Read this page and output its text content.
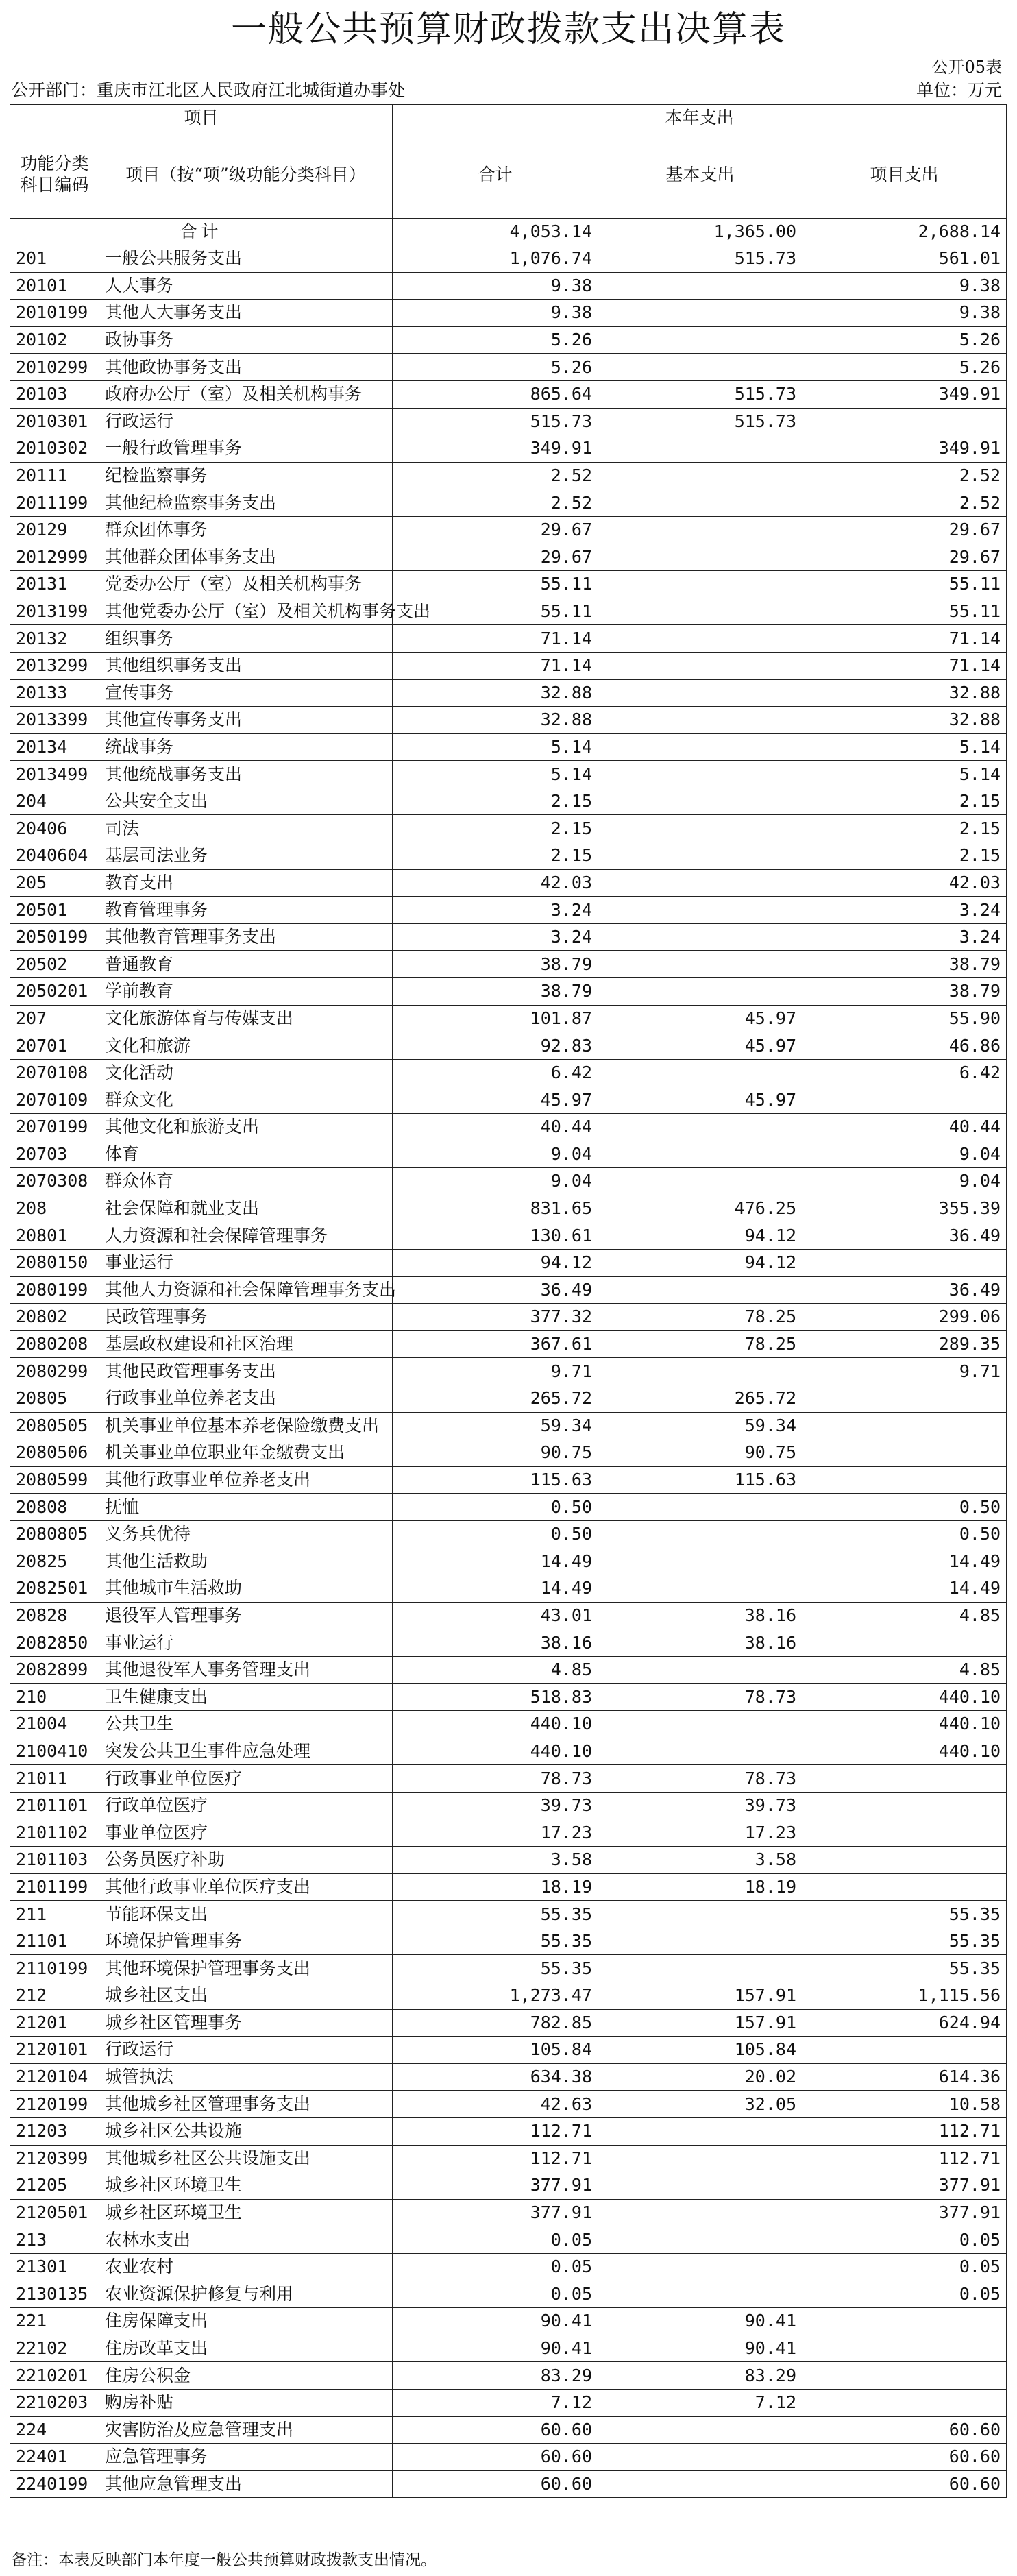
一般公共预算财政拨款支出决算表
公开05表
公开部门：重庆市江北区人民政府江北城街道办事处	单位：万元
项目		本年支出		
功能分类科目编码	项目（按“项”级功能分类科目）	合计	基本支出	项目支出
合计		4,053.14	1,365.00	2,688.14
201	一般公共服务支出	1,076.74	515.73	561.01
20101	人大事务	9.38		9.38
2010199	其他人大事务支出	9.38		9.38
20102	政协事务	5.26		5.26
2010299	其他政协事务支出	5.26		5.26
20103	政府办公厅（室）及相关机构事务	865.64	515.73	349.91
2010301	行政运行	515.73	515.73	
2010302	一般行政管理事务	349.91		349.91
20111	纪检监察事务	2.52		2.52
2011199	其他纪检监察事务支出	2.52		2.52
20129	群众团体事务	29.67		29.67
2012999	其他群众团体事务支出	29.67		29.67
20131	党委办公厅（室）及相关机构事务	55.11		55.11
2013199	其他党委办公厅（室）及相关机构事务支出	55.11		55.11
20132	组织事务	71.14		71.14
2013299	其他组织事务支出	71.14		71.14
20133	宣传事务	32.88		32.88
2013399	其他宣传事务支出	32.88		32.88
20134	统战事务	5.14		5.14
2013499	其他统战事务支出	5.14		5.14
204	公共安全支出	2.15		2.15
20406	司法	2.15		2.15
2040604	基层司法业务	2.15		2.15
205	教育支出	42.03		42.03
20501	教育管理事务	3.24		3.24
2050199	其他教育管理事务支出	3.24		3.24
20502	普通教育	38.79		38.79
2050201	学前教育	38.79		38.79
207	文化旅游体育与传媒支出	101.87	45.97	55.90
20701	文化和旅游	92.83	45.97	46.86
2070108	文化活动	6.42		6.42
2070109	群众文化	45.97	45.97	
2070199	其他文化和旅游支出	40.44		40.44
20703	体育	9.04		9.04
2070308	群众体育	9.04		9.04
208	社会保障和就业支出	831.65	476.25	355.39
20801	人力资源和社会保障管理事务	130.61	94.12	36.49
2080150	事业运行	94.12	94.12	
2080199	其他人力资源和社会保障管理事务支出	36.49		36.49
20802	民政管理事务	377.32	78.25	299.06
2080208	基层政权建设和社区治理	367.61	78.25	289.35
2080299	其他民政管理事务支出	9.71		9.71
20805	行政事业单位养老支出	265.72	265.72	
2080505	机关事业单位基本养老保险缴费支出	59.34	59.34	
2080506	机关事业单位职业年金缴费支出	90.75	90.75	
2080599	其他行政事业单位养老支出	115.63	115.63	
20808	抚恤	0.50		0.50
2080805	义务兵优待	0.50		0.50
20825	其他生活救助	14.49		14.49
2082501	其他城市生活救助	14.49		14.49
20828	退役军人管理事务	43.01	38.16	4.85
2082850	事业运行	38.16	38.16	
2082899	其他退役军人事务管理支出	4.85		4.85
210	卫生健康支出	518.83	78.73	440.10
21004	公共卫生	440.10		440.10
2100410	突发公共卫生事件应急处理	440.10		440.10
21011	行政事业单位医疗	78.73	78.73	
2101101	行政单位医疗	39.73	39.73	
2101102	事业单位医疗	17.23	17.23	
2101103	公务员医疗补助	3.58	3.58	
2101199	其他行政事业单位医疗支出	18.19	18.19	
211	节能环保支出	55.35		55.35
21101	环境保护管理事务	55.35		55.35
2110199	其他环境保护管理事务支出	55.35		55.35
212	城乡社区支出	1,273.47	157.91	1,115.56
21201	城乡社区管理事务	782.85	157.91	624.94
2120101	行政运行	105.84	105.84	
2120104	城管执法	634.38	20.02	614.36
2120199	其他城乡社区管理事务支出	42.63	32.05	10.58
21203	城乡社区公共设施	112.71		112.71
2120399	其他城乡社区公共设施支出	112.71		112.71
21205	城乡社区环境卫生	377.91		377.91
2120501	城乡社区环境卫生	377.91		377.91
213	农林水支出	0.05		0.05
21301	农业农村	0.05		0.05
2130135	农业资源保护修复与利用	0.05		0.05
221	住房保障支出	90.41	90.41	
22102	住房改革支出	90.41	90.41	
2210201	住房公积金	83.29	83.29	
2210203	购房补贴	7.12	7.12	
224	灾害防治及应急管理支出	60.60		60.60
22401	应急管理事务	60.60		60.60
2240199	其他应急管理支出	60.60		60.60
备注：本表反映部门本年度一般公共预算财政拨款支出情况。
